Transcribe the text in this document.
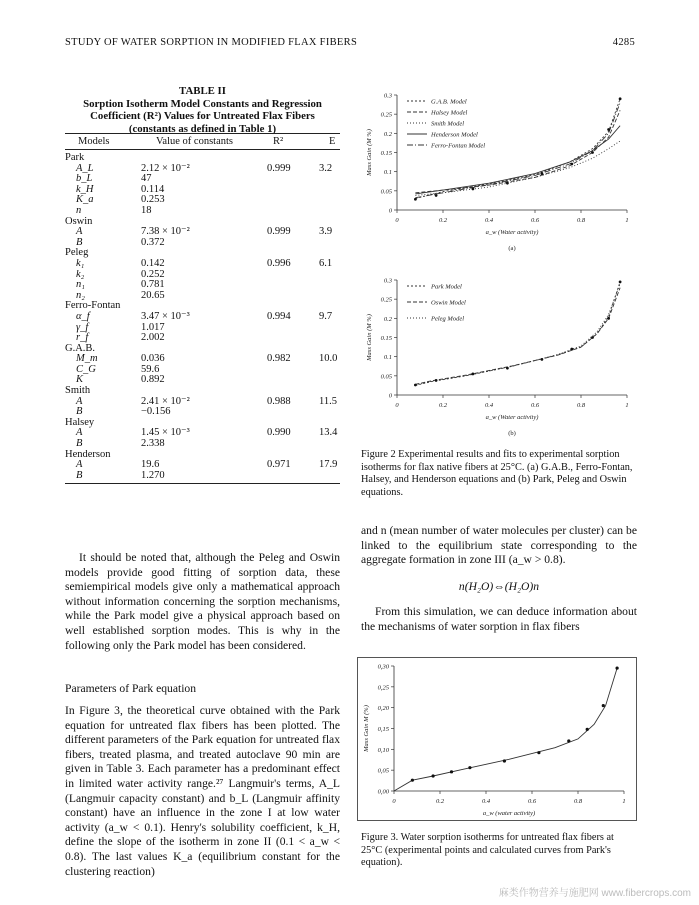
STUDY OF WATER SORPTION IN MODIFIED FLAX FIBERS	4285
TABLE II
Sorption Isotherm Model Constants and Regression
Coefficient (R²) Values for Untreated Flax Fibers
(constants as defined in Table 1)
Models	Value of constants	R²	E
Park
A_L	2.12 × 10⁻²	0.999	3.2
b_L	47
k_H	0.114
K_a	0.253
n	18
Oswin
A	7.38 × 10⁻²	0.999	3.9
B	0.372
Peleg
k₁	0.142	0.996	6.1
k₂	0.252
n₁	0.781
n₂	20.65
Ferro-Fontan
α_f	3.47 × 10⁻³	0.994	9.7
γ_f	1.017
r_f	2.002
G.A.B.
M_m	0.036	0.982	10.0
C_G	59.6
K	0.892
Smith
A	2.41 × 10⁻²	0.988	11.5
B	−0.156
Halsey
A	1.45 × 10⁻³	0.990	13.4
B	2.338
Henderson
A	19.6	0.971	17.9
B	1.270
It should be noted that, although the Peleg and Oswin models provide good fitting of sorption data, these semiempirical models give only a mathematical approach without information concerning the sorption mechanisms, while the Park model give a physical approach based on well established sorption modes. This is why in the following only the Park model has been considered.
Parameters of Park equation
In Figure 3, the theoretical curve obtained with the Park equation for untreated flax fibers has been plotted. The different parameters of the Park equation for untreated flax fibers, treated plasma, and treated autoclave 90 min are given in Table 3. Each parameter has a predominant effect in limited water activity range.²⁷ Langmuir's terms, A_L (Langmuir capacity constant) and b_L (Langmuir affinity constant) have an influence in the zone I at low water activity (a_w < 0.1). Henry's solubility coefficient, k_H, define the slope of the isotherm in zone II (0.1 < a_w < 0.8). The last values K_a (equilibrium constant for the clustering reaction)
0
0.05
0.1
0.15
0.2
0.25
0.3
0	0.2	0.4	0.6	0.8	1
a_w (Water activity)
Mass Gain (M %)
(a)
G.A.B. Model
Halsey Model
Smith Model
Henderson Model
Ferro-Fontan Model
0
0.05
0.1
0.15
0.2
0.25
0.3
0	0.2	0.4	0.6	0.8	1
a_w (Water activity)
Mass Gain (M %)
(b)
Park Model
Oswin Model
Peleg Model
Figure 2 Experimental results and fits to experimental sorption isotherms for flax native fibers at 25°C. (a) G.A.B., Ferro-Fontan, Halsey, and Henderson equations and (b) Park, Peleg and Oswin equations.
and n (mean number of water molecules per cluster) can be linked to the equilibrium state corresponding to the aggregate formation in zone III (a_w > 0.8).
n(H₂O)⇔(H₂O)n
From this simulation, we can deduce information about the mechanisms of water sorption in flax fibers
0,00
0,05
0,10
0,15
0,20
0,25
0,30
0	0.2	0.4	0.6	0.8	1
a_w (water activity)
Mass Gain M (%)
Figure 3. Water sorption isotherms for untreated flax fibers at 25°C (experimental points and calculated curves from Park's equation).
麻类作物营养与施肥网 www.fibercrops.com
